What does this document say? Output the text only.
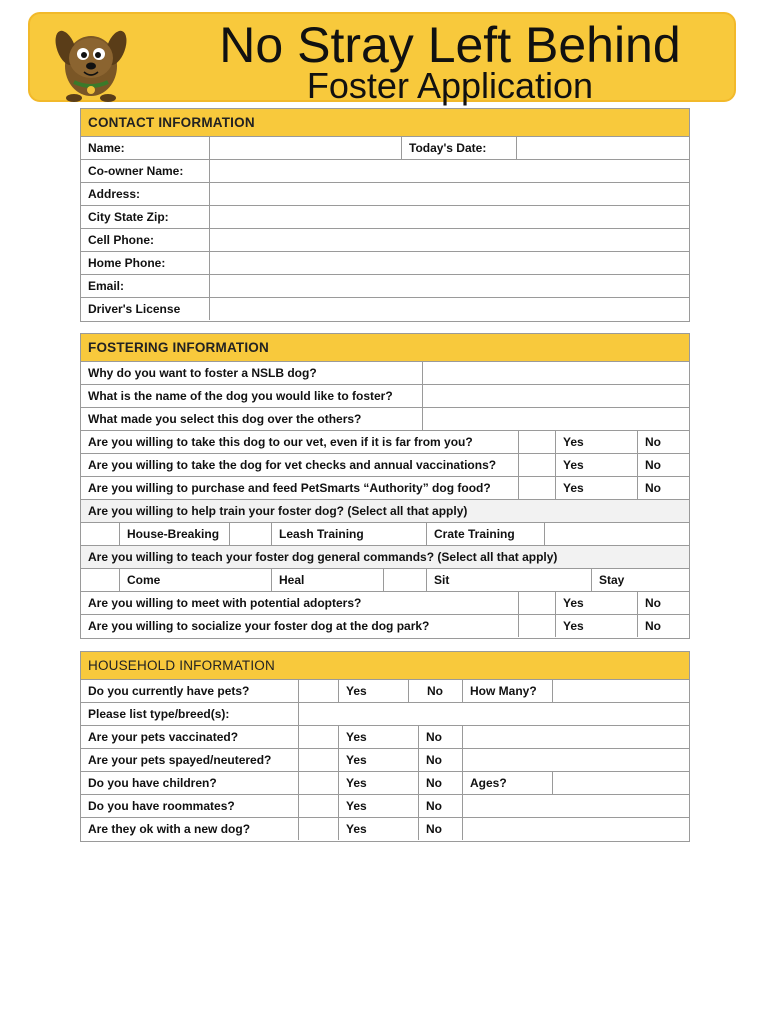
No Stray Left Behind
Foster Application
CONTACT INFORMATION
Name:	Today's Date:
Co-owner Name:
Address:
City State Zip:
Cell Phone:
Home Phone:
Email:
Driver's License
FOSTERING INFORMATION
Why do you want to foster a NSLB dog?
What is the name of the dog you would like to foster?
What made you select this dog over the others?
Are you willing to take this dog to our vet, even if it is far from you?	Yes	No
Are you willing to take the dog for vet checks and annual vaccinations?	Yes	No
Are you willing to purchase and feed PetSmarts “Authority” dog food?	Yes	No
Are you willing to help train your foster dog? (Select all that apply)
House-Breaking	Leash Training	Crate Training
Are you willing to teach your foster dog general commands? (Select all that apply)
Come	Heal	Sit	Stay
Are you willing to meet with potential adopters?	Yes	No
Are you willing to socialize your foster dog at the dog park?	Yes	No
HOUSEHOLD INFORMATION
Do you currently have pets?	Yes	No	How Many?
Please list type/breed(s):
Are your pets vaccinated?	Yes	No
Are your pets spayed/neutered?	Yes	No
Do you have children?	Yes	No	Ages?
Do you have roommates?	Yes	No
Are they ok with a new dog?	Yes	No
